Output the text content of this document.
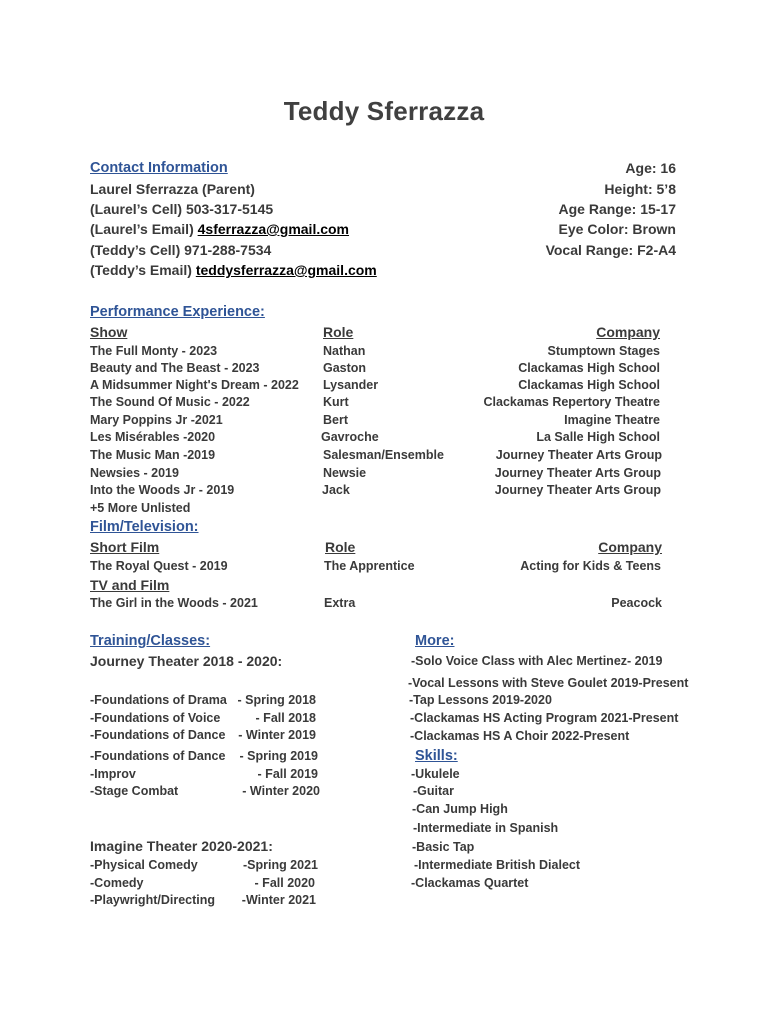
Teddy Sferrazza
Contact Information
Laurel Sferrazza (Parent)
(Laurel’s Cell) 503-317-5145
(Laurel’s Email) 4sferrazza@gmail.com
(Teddy’s Cell) 971-288-7534
(Teddy’s Email) teddysferrazza@gmail.com
Age: 16
Height: 5’8
Age Range: 15-17
Eye Color: Brown
Vocal Range: F2-A4
Performance Experience:
Show	Role	Company
The Full Monty - 2023	Nathan	Stumptown Stages
Beauty and The Beast - 2023	Gaston	Clackamas High School
A Midsummer Night's Dream - 2022 Lysander	Clackamas High School
The Sound Of Music - 2022	Kurt	Clackamas Repertory Theatre
Mary Poppins Jr -2021	Bert	Imagine Theatre
Les Misérables -2020	Gavroche	La Salle High School
The Music Man -2019	Salesman/Ensemble	Journey Theater Arts Group
Newsies - 2019	Newsie	Journey Theater Arts Group
Into the Woods Jr - 2019	Jack	Journey Theater Arts Group
+5 More Unlisted
Film/Television:
Short Film	Role	Company
The Royal Quest - 2019	The Apprentice	Acting for Kids & Teens
TV and Film
The Girl in the Woods - 2021	Extra	Peacock
Training/Classes:
Journey Theater 2018 - 2020:
-Foundations of Drama - Spring 2018
-Foundations of Voice	- Fall 2018
-Foundations of Dance - Winter 2019
-Foundations of Dance - Spring 2019
-Improv	- Fall 2019
-Stage Combat	- Winter 2020
Imagine Theater 2020-2021:
-Physical Comedy	-Spring 2021
-Comedy	- Fall 2020
-Playwright/Directing -Winter 2021
More:
-Solo Voice Class with Alec Mertinez- 2019
-Vocal Lessons with Steve Goulet 2019-Present
-Tap Lessons 2019-2020
-Clackamas HS Acting Program 2021-Present
-Clackamas HS A Choir 2022-Present
Skills:
-Ukulele
-Guitar
-Can Jump High
-Intermediate in Spanish
-Basic Tap
-Intermediate British Dialect
-Clackamas Quartet
